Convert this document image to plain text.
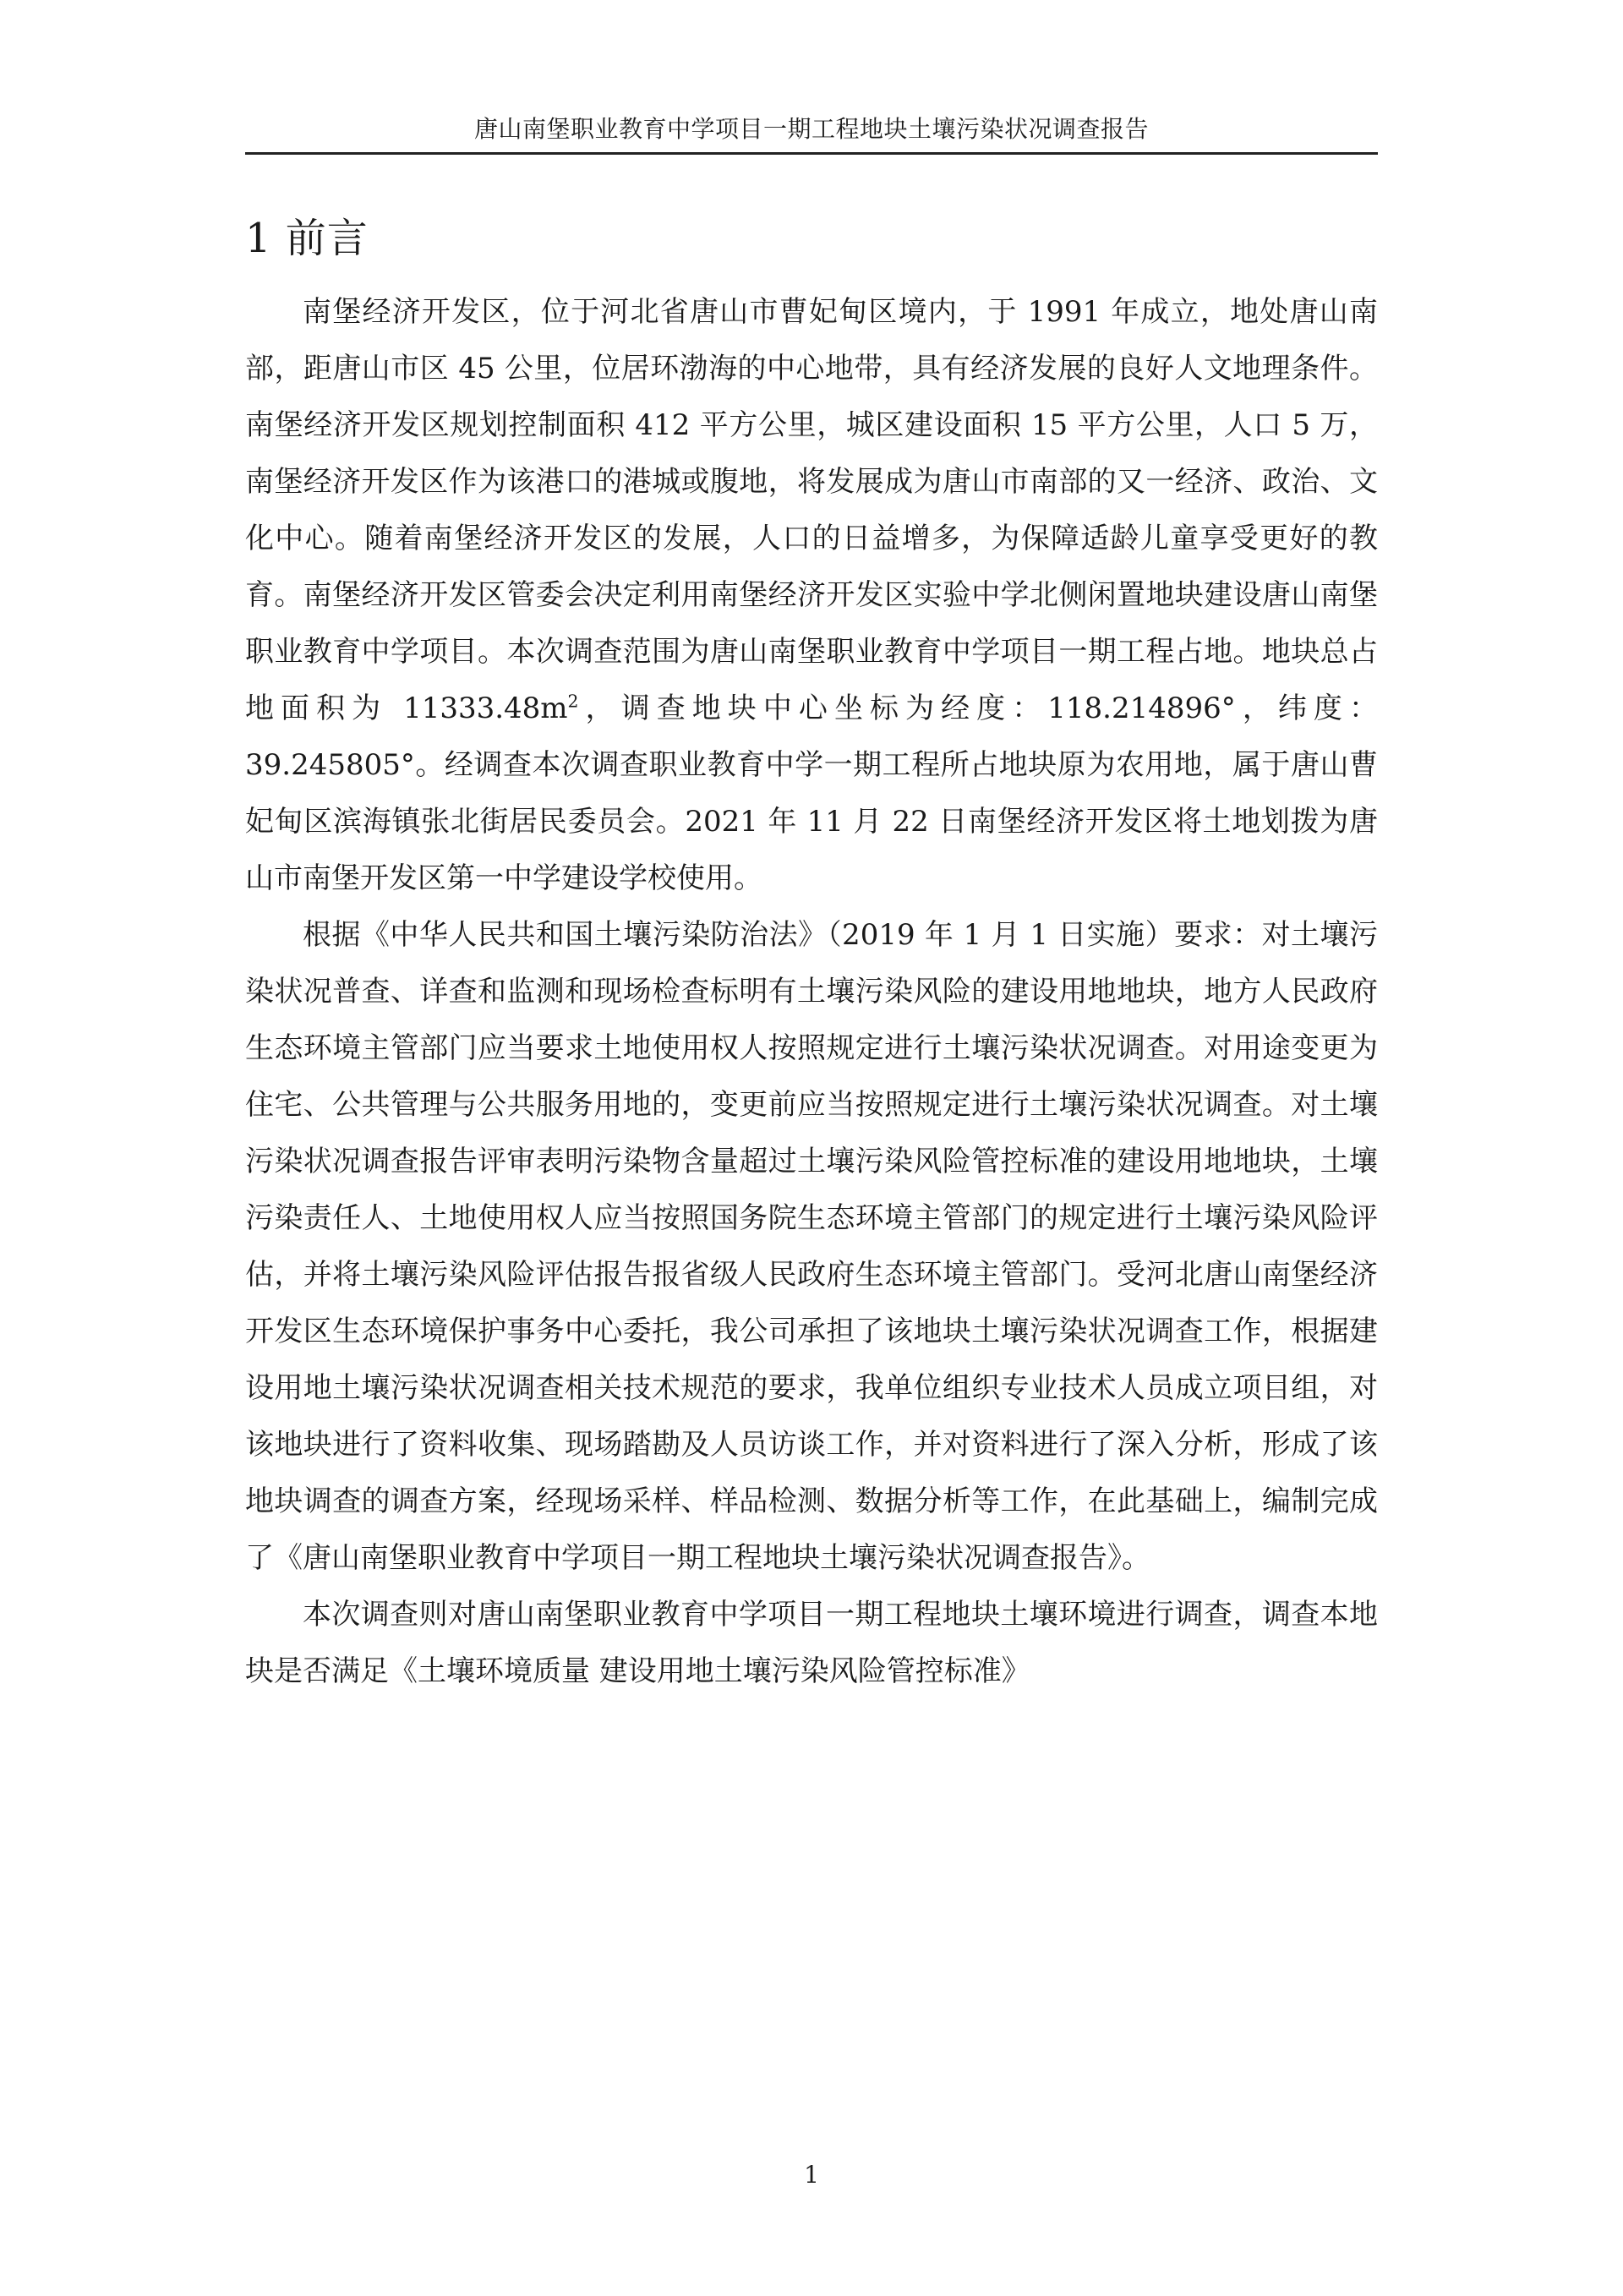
唐山南堡职业教育中学项目一期工程地块土壤污染状况调查报告
1 前言

南堡经济开发区，位于河北省唐山市曹妃甸区境内，于 1991 年成立，地处唐山南部，距唐山市区 45 公里，位居环渤海的中心地带，具有经济发展的良好人文地理条件。南堡经济开发区规划控制面积 412 平方公里，城区建设面积 15 平方公里，人口 5 万，南堡经济开发区作为该港口的港城或腹地，将发展成为唐山市南部的又一经济、政治、文化中心。随着南堡经济开发区的发展，人口的日益增多，为保障适龄儿童享受更好的教育。南堡经济开发区管委会决定利用南堡经济开发区实验中学北侧闲置地块建设唐山南堡职业教育中学项目。本次调查范围为唐山南堡职业教育中学项目一期工程占地。地块总占地面积为 $11333.48m^2$，调查地块中心坐标为经度：118.214896°，纬度：39.245805°。经调查本次调查职业教育中学一期工程所占地块原为农用地，属于唐山曹妃甸区滨海镇张北街居民委员会。2021 年 11 月 22 日南堡经济开发区将土地划拨为唐山市南堡开发区第一中学建设学校使用。

根据《中华人民共和国土壤污染防治法》（2019 年 1 月 1 日实施）要求：对土壤污染状况普查、详查和监测和现场检查标明有土壤污染风险的建设用地地块，地方人民政府生态环境主管部门应当要求土地使用权人按照规定进行土壤污染状况调查。对用途变更为住宅、公共管理与公共服务用地的，变更前应当按照规定进行土壤污染状况调查。对土壤污染状况调查报告评审表明污染物含量超过土壤污染风险管控标准的建设用地地块，土壤污染责任人、土地使用权人应当按照国务院生态环境主管部门的规定进行土壤污染风险评估，并将土壤污染风险评估报告报省级人民政府生态环境主管部门。受河北唐山南堡经济开发区生态环境保护事务中心委托，我公司承担了该地块土壤污染状况调查工作，根据建设用地土壤污染状况调查相关技术规范的要求，我单位组织专业技术人员成立项目组，对该地块进行了资料收集、现场踏勘及人员访谈工作，并对资料进行了深入分析，形成了该地块调查的调查方案，经现场采样、样品检测、数据分析等工作，在此基础上，编制完成了《唐山南堡职业教育中学项目一期工程地块土壤污染状况调查报告》。

本次调查则对唐山南堡职业教育中学项目一期工程地块土壤环境进行调查，调查本地块是否满足《土壤环境质量 建设用地土壤污染风险管控标准》

1
